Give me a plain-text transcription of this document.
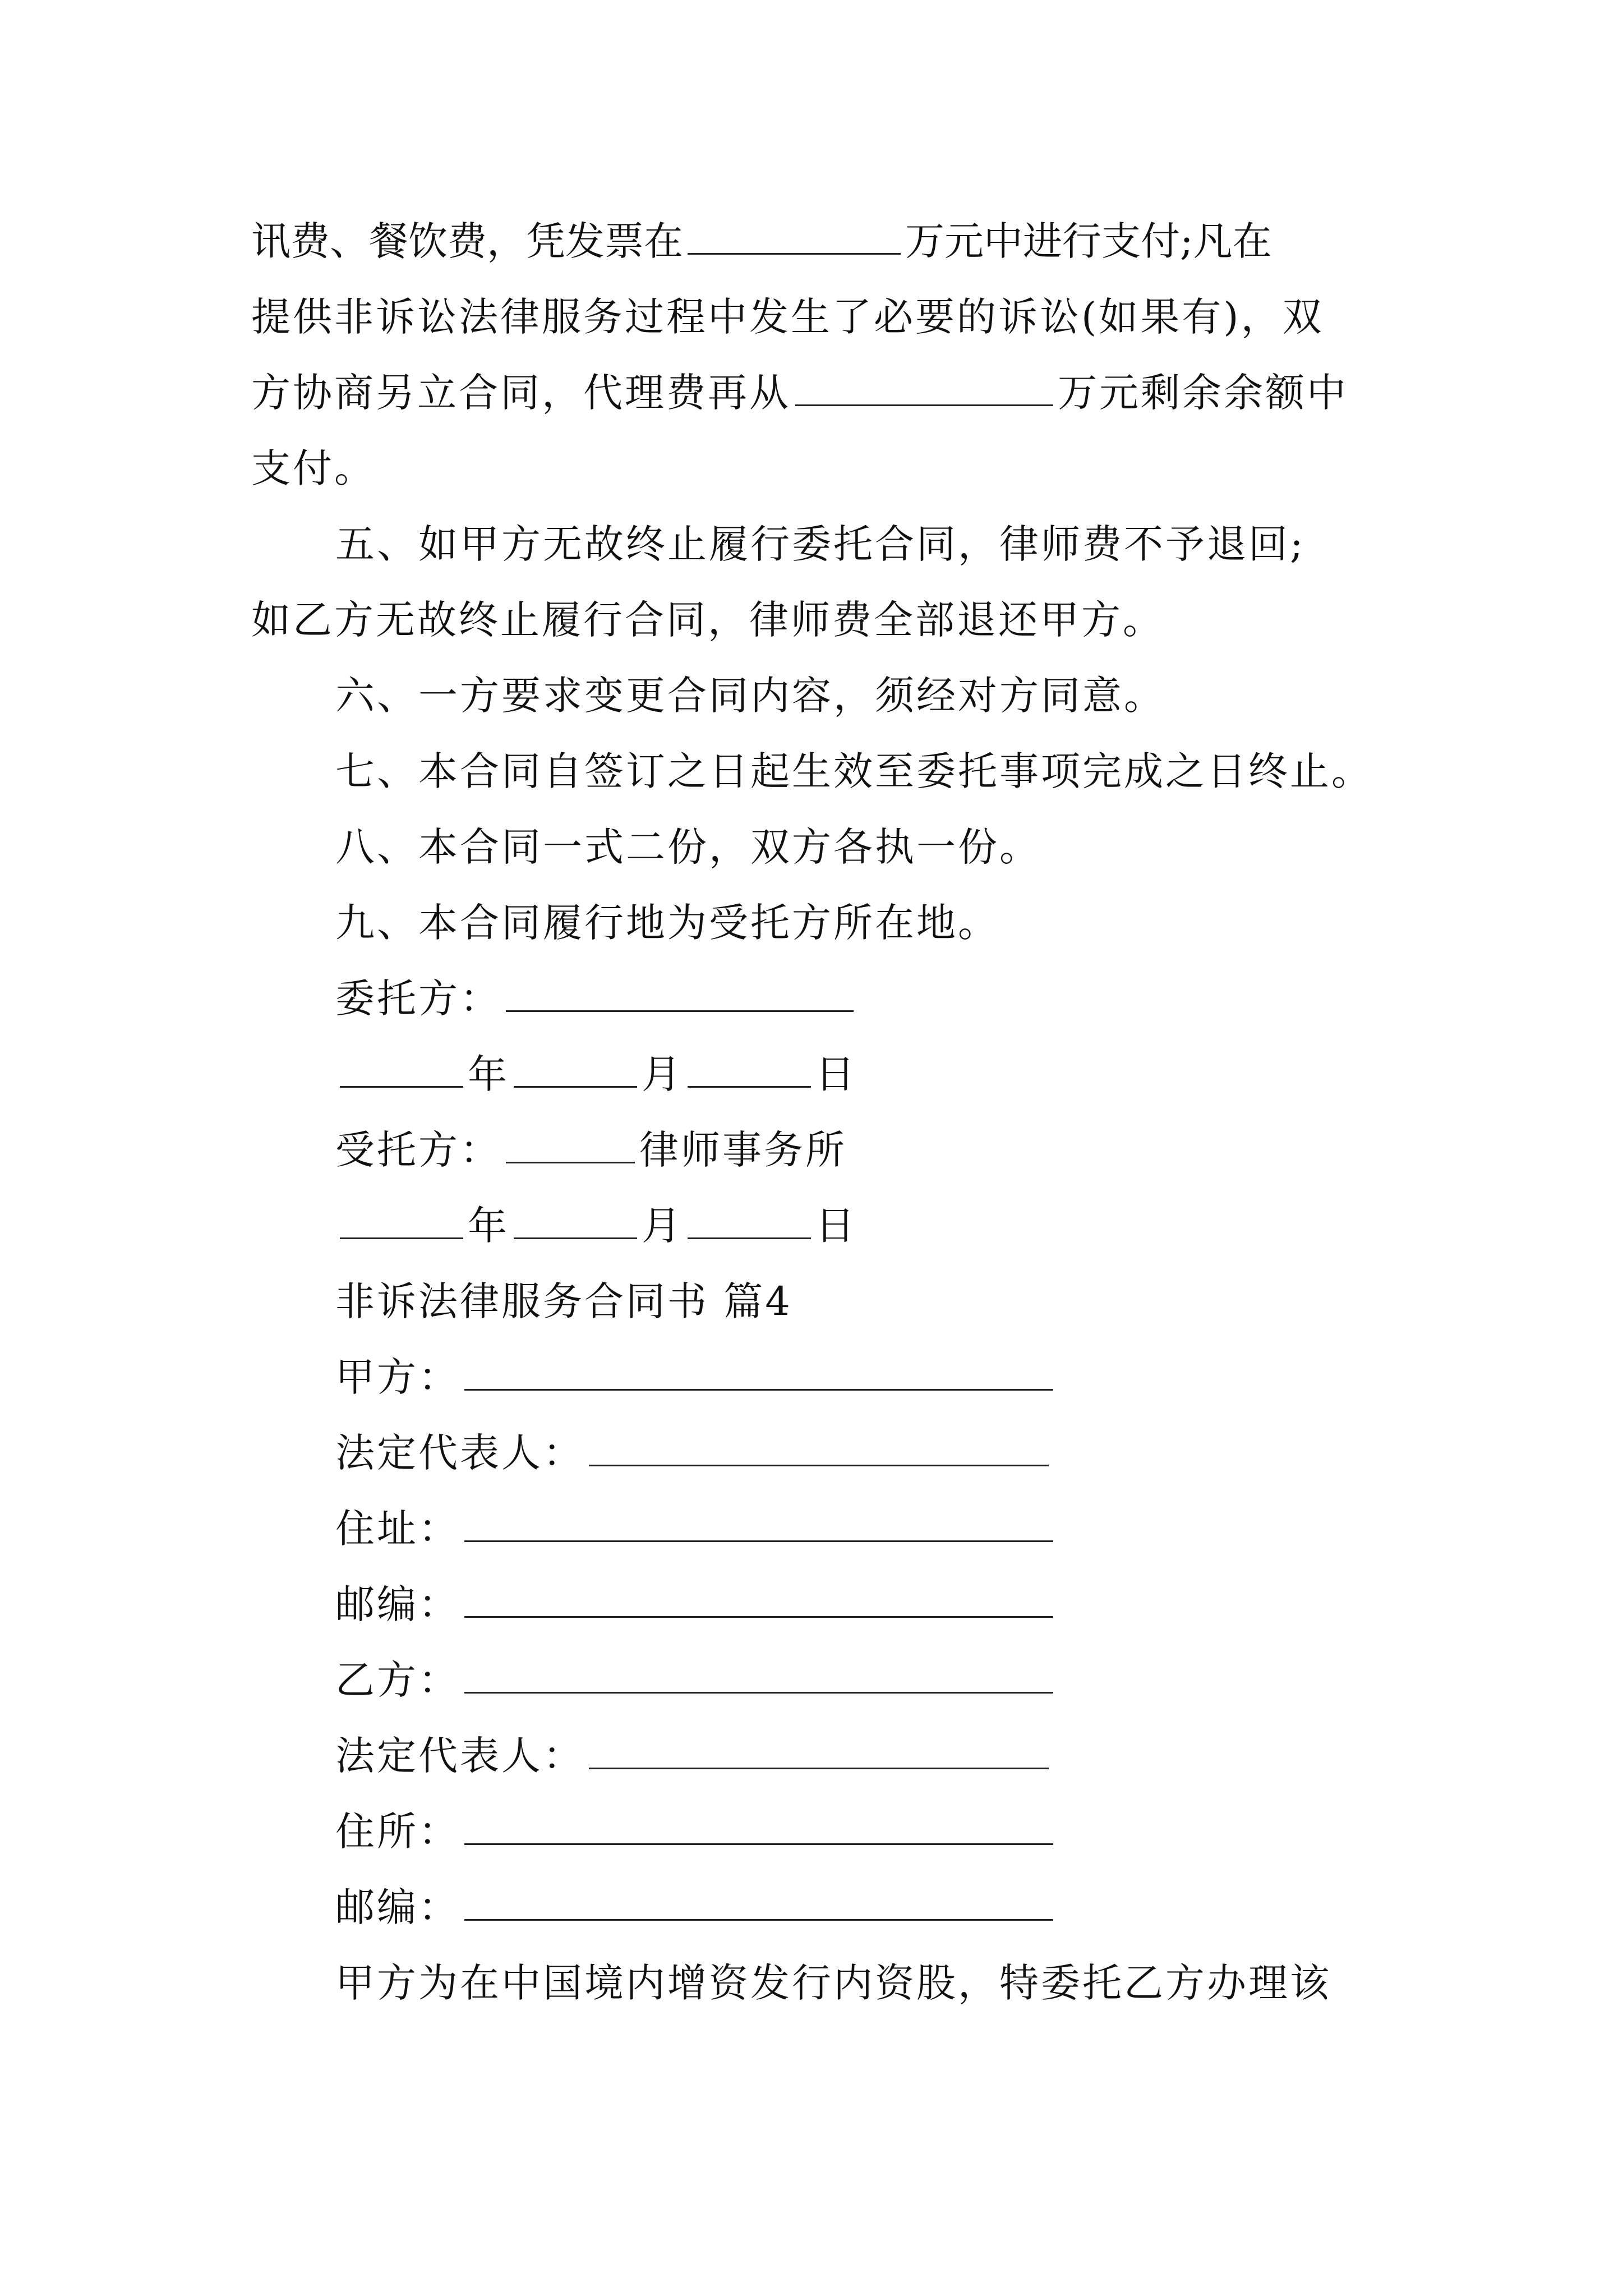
讯费、餐饮费，凭发票在	万元中进行支付;凡在
提供非诉讼法律服务过程中发生了必要的诉讼(如果有)，双
方协商另立合同，代理费再从	万元剩余余额中
支付。
五、如甲方无故终止履行委托合同，律师费不予退回;
如乙方无故终止履行合同，律师费全部退还甲方。
六、一方要求变更合同内容，须经对方同意。
七、本合同自签订之日起生效至委托事项完成之日终止。
八、本合同一式二份，双方各执一份。
九、本合同履行地为受托方所在地。
委托方：
年	月	日
受托方：	律师事务所
年	月	日
非诉法律服务合同书 篇4
甲方：
法定代表人：
住址：
邮编：
乙方：
法定代表人：
住所：
邮编：
甲方为在中国境内增资发行内资股，特委托乙方办理该
